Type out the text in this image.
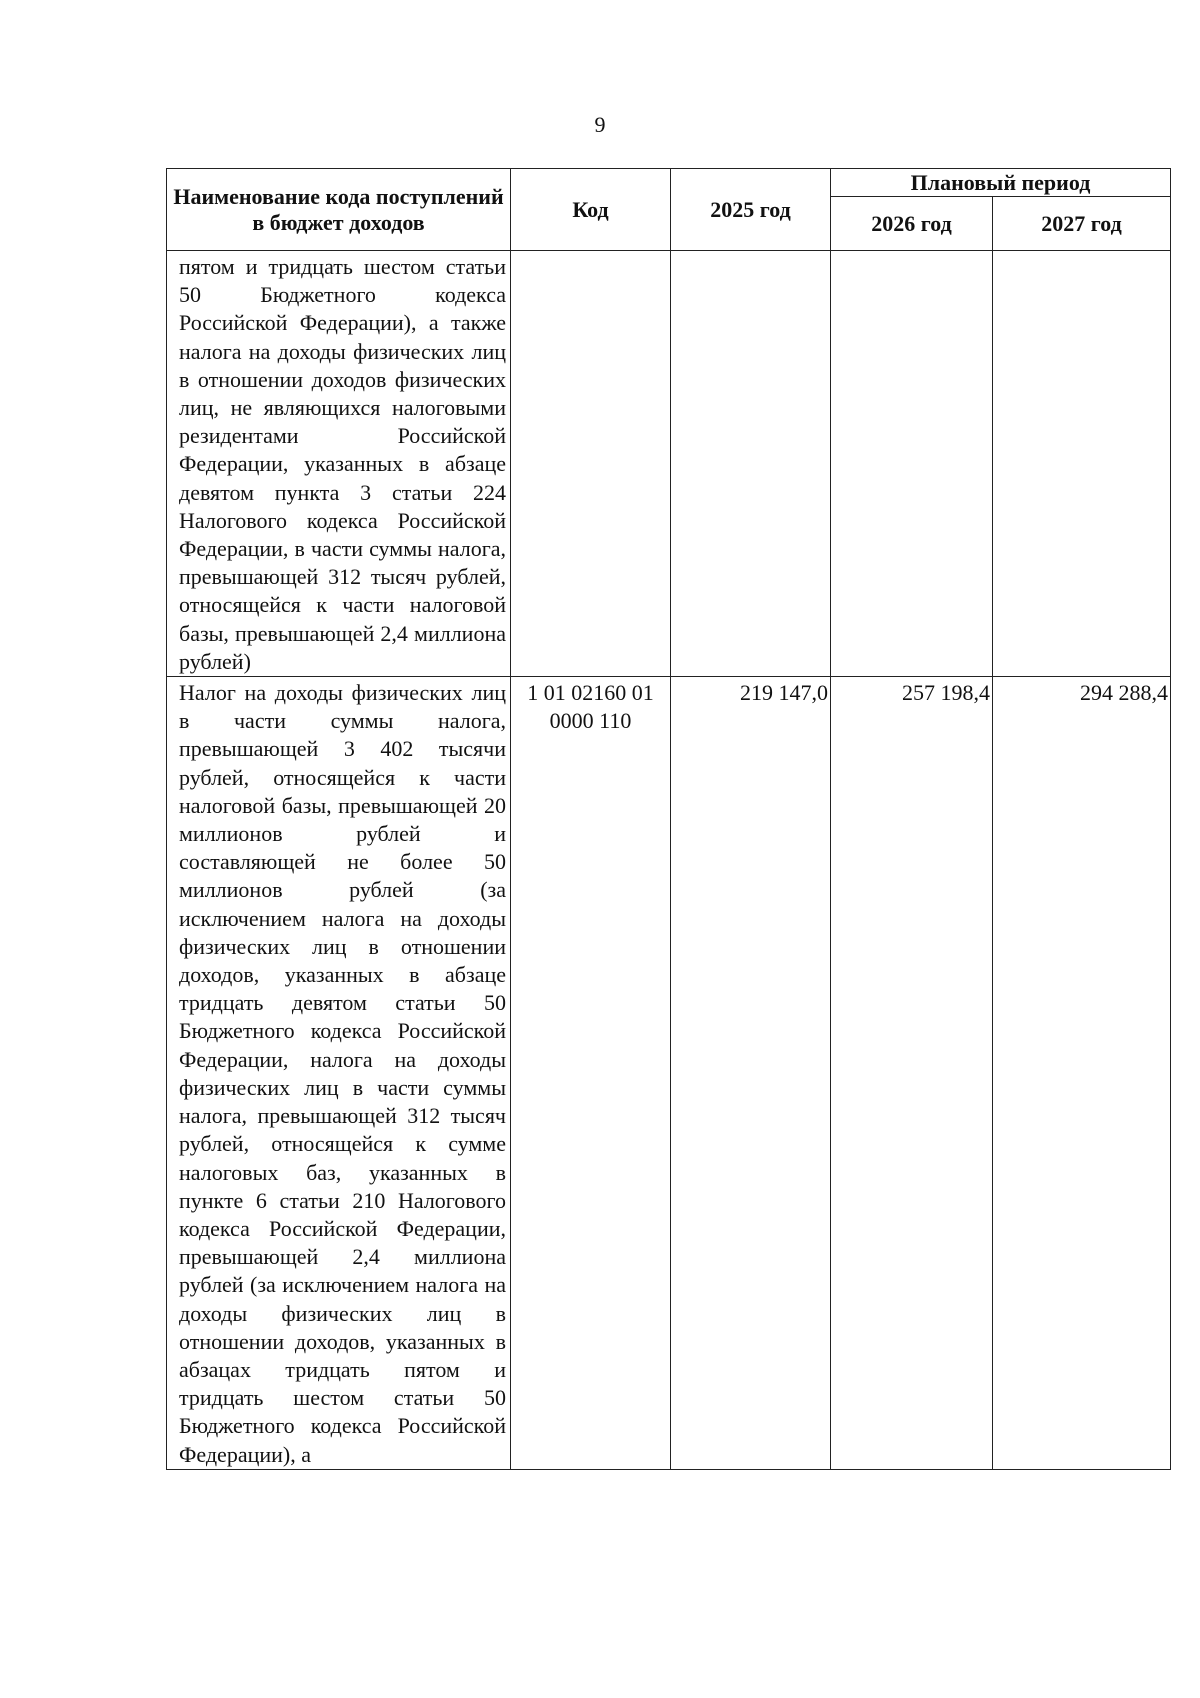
9
Наименование кода поступлений в бюджет доходов	Код	2025 год	Плановый период	
			2026 год	2027 год

пятом и тридцать шестом статьи 50 Бюджетного кодекса Российской Федерации), а также налога на доходы физических лиц в отношении доходов физических лиц, не являющихся налоговыми резидентами Российской Федерации, указанных в абзаце девятом пункта 3 статьи 224 Налогового кодекса Российской Федерации, в части суммы налога, превышающей 312 тысяч рублей, относящейся к части налоговой базы, превышающей 2,4 миллиона рублей)				

Налог на доходы физических лиц в части суммы налога, превышающей 3 402 тысячи рублей, относящейся к части налоговой базы, превышающей 20 миллионов рублей и составляющей не более 50 миллионов рублей (за исключением налога на доходы физических лиц в отношении доходов, указанных в абзаце тридцать девятом статьи 50 Бюджетного кодекса Российской Федерации, налога на доходы физических лиц в части суммы налога, превышающей 312 тысяч рублей, относящейся к сумме налоговых баз, указанных в пункте 6 статьи 210 Налогового кодекса Российской Федерации, превышающей 2,4 миллиона рублей (за исключением налога на доходы физических лиц в отношении доходов, указанных в абзацах тридцать пятом и тридцать шестом статьи 50 Бюджетного кодекса Российской Федерации), а	1 01 02160 01 0000 110	219 147,0	257 198,4	294 288,4
